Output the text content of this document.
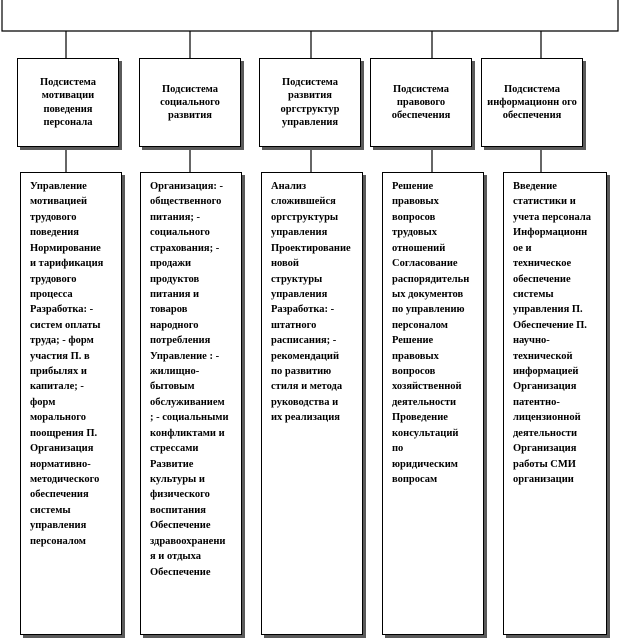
Подсистема мотивации поведения персонала
Подсистема социального развития
Подсистема развития оргструктур управления
Подсистема правового обеспечения
Подсистема информационн ого обеспечения

Управление
мотивацией
трудового
поведения
Нормирование
и тарификация
трудового
процесса
Разработка: -
систем оплаты
труда; - форм
участия П. в
прибылях и
капитале; -
форм
морального
поощрения П.
Организация
нормативно-
методического
обеспечения
системы
управления
персоналом

Организация: -
общественного
питания; -
социального
страхования; -
продажи
продуктов
питания и
товаров
народного
потребления
Управление : -
жилищно-
бытовым
обслуживанием
; - социальными
конфликтами и
стрессами
Развитие
культуры и
физического
воспитания
Обеспечение
здравоохранени
я и отдыха
Обеспечение

Анализ
сложившейся
оргструктуры
управления
Проектирование
новой
структуры
управления
Разработка: -
штатного
расписания; -
рекомендаций
по развитию
стиля и метода
руководства и
их реализация

Решение
правовых
вопросов
трудовых
отношений
Согласование
распорядительн
ых документов
по управлению
персоналом
Решение
правовых
вопросов
хозяйственной
деятельности
Проведение
консультаций
по
юридическим
вопросам

Введение
статистики и
учета персонала
Информационн
ое и
техническое
обеспечение
системы
управления П.
Обеспечение П.
научно-
технической
информацией
Организация
патентно-
лицензионной
деятельности
Организация
работы СМИ
организации
